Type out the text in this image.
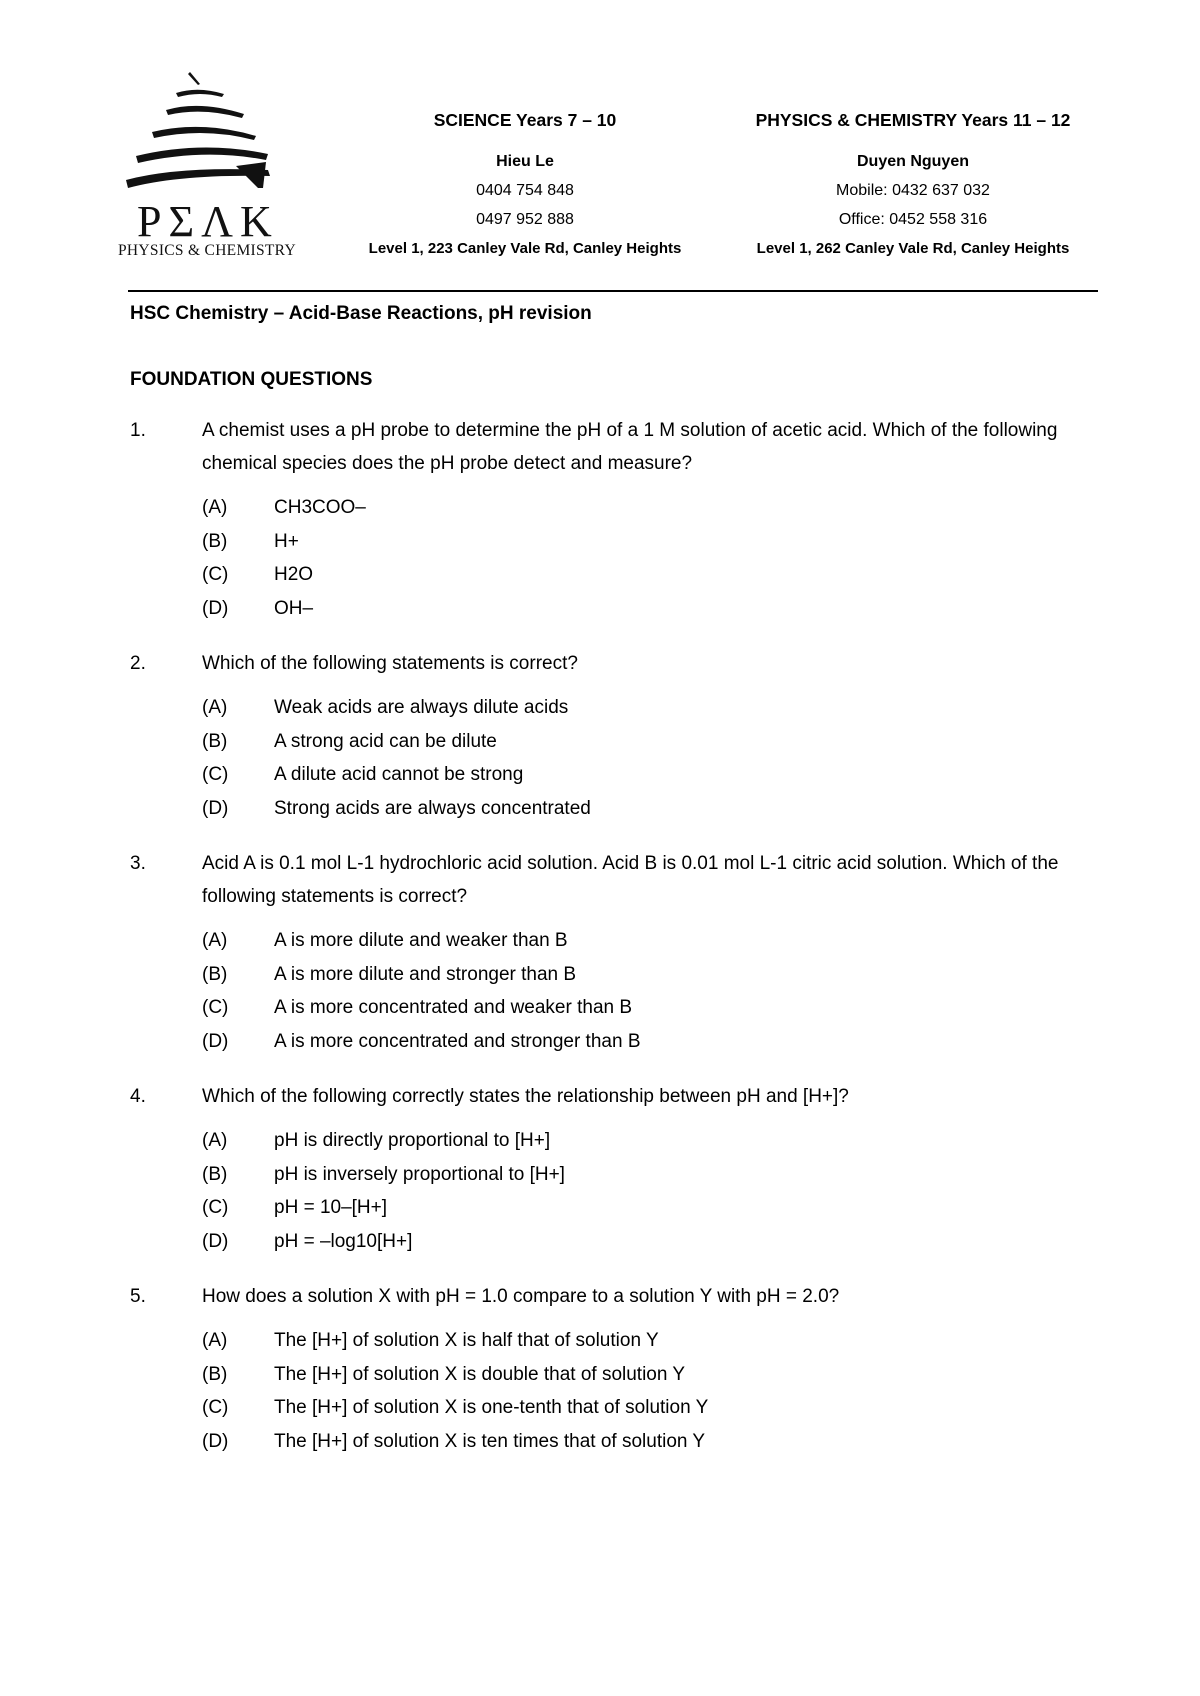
PΣΛK
PHYSICS & CHEMISTRY
SCIENCE Years 7 – 10
Hieu Le
0404 754 848
0497 952 888
Level 1, 223 Canley Vale Rd, Canley Heights
PHYSICS & CHEMISTRY Years 11 – 12
Duyen Nguyen
Mobile: 0432 637 032
Office: 0452 558 316
Level 1, 262 Canley Vale Rd, Canley Heights
HSC Chemistry – Acid-Base Reactions, pH revision
FOUNDATION QUESTIONS
1.	A chemist uses a pH probe to determine the pH of a 1 M solution of acetic acid. Which of the following chemical species does the pH probe detect and measure?
(A)	CH3COO–
(B)	H+
(C)	H2O
(D)	OH–
2.	Which of the following statements is correct?
(A)	Weak acids are always dilute acids
(B)	A strong acid can be dilute
(C)	A dilute acid cannot be strong
(D)	Strong acids are always concentrated
3.	Acid A is 0.1 mol L-1 hydrochloric acid solution. Acid B is 0.01 mol L-1 citric acid solution. Which of the following statements is correct?
(A)	A is more dilute and weaker than B
(B)	A is more dilute and stronger than B
(C)	A is more concentrated and weaker than B
(D)	A is more concentrated and stronger than B
4.	Which of the following correctly states the relationship between pH and [H+]?
(A)	pH is directly proportional to [H+]
(B)	pH is inversely proportional to [H+]
(C)	pH = 10–[H+]
(D)	pH = –log10[H+]
5.	How does a solution X with pH = 1.0 compare to a solution Y with pH = 2.0?
(A)	The [H+] of solution X is half that of solution Y
(B)	The [H+] of solution X is double that of solution Y
(C)	The [H+] of solution X is one-tenth that of solution Y
(D)	The [H+] of solution X is ten times that of solution Y
